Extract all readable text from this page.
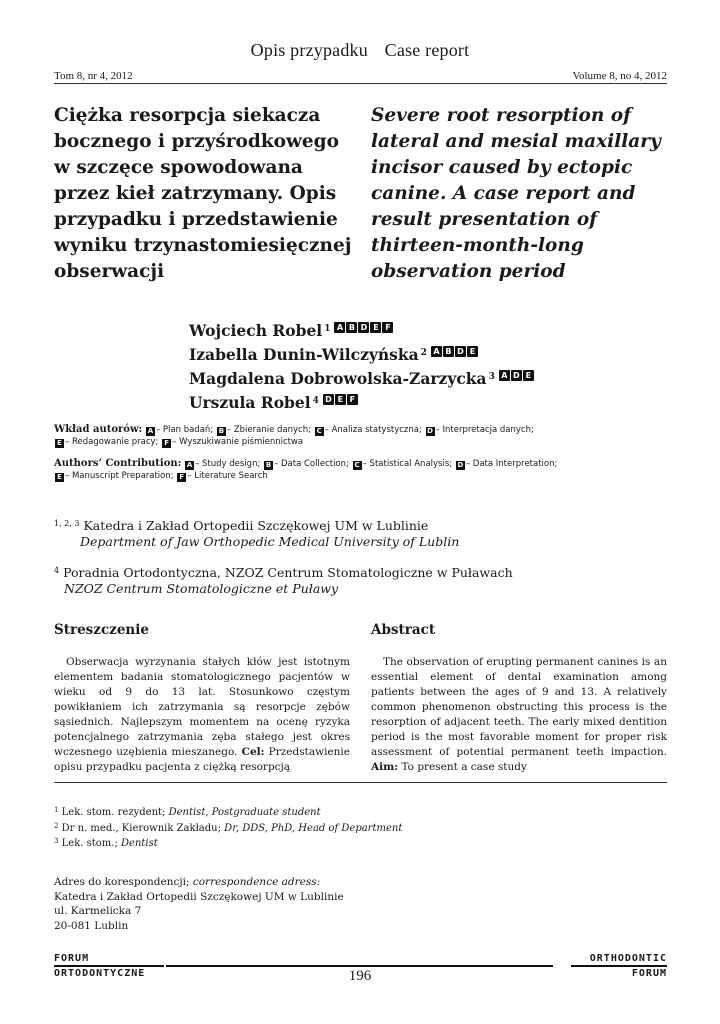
Opis przypadku Case report
Tom 8, nr 4, 2012	Volume 8, no 4, 2012
Ciężka resorpcja siekacza bocznego i przyśrodkowego w szczęce spowodowana przez kieł zatrzymany. Opis przypadku i przedstawienie wyniku trzynastomiesięcznej obserwacji
Severe root resorption of lateral and mesial maxillary incisor caused by ectopic canine. A case report and result presentation of thirteen-month-long observation period
Wojciech Robel $^1$ A B D E F
Izabella Dunin-Wilczyńska $^2$ A B D E
Magdalena Dobrowolska-Zarzycka $^3$ A D E
Urszula Robel $^4$ D E F
Wkład autorów: A – Plan badań; B – Zbieranie danych; C – Analiza statystyczna; D – Interpretacja danych;
E – Redagowanie pracy; F – Wyszukiwanie piśmiennictwa
Authors’ Contribution: A – Study design; B – Data Collection; C – Statistical Analysis; D – Data Interpretation;
E – Manuscript Preparation; F – Literature Search
$^{1, 2, 3}$ Katedra i Zakład Ortopedii Szczękowej UM w Lublinie
Department of Jaw Orthopedic Medical University of Lublin
$^4$ Poradnia Ortodontyczna, NZOZ Centrum Stomatologiczne w Puławach
NZOZ Centrum Stomatologiczne et Puławy
Streszczenie	Abstract
Obserwacja wyrzynania stałych kłów jest istotnym elementem badania stomatologicznego pacjentów w wieku od 9 do 13 lat. Stosunkowo częstym powikłaniem ich zatrzymania są resorpcje zębów sąsiednich. Najlepszym momentem na ocenę ryzyka potencjalnego zatrzymania zęba stałego jest okres wczesnego uzębienia mieszanego. Cel: Przedstawienie opisu przypadku pacjenta z ciężką resorpcją
The observation of erupting permanent canines is an essential element of dental examination among patients between the ages of 9 and 13. A relatively common phenomenon obstructing this process is the resorption of adjacent teeth. The early mixed dentition period is the most favorable moment for proper risk assessment of potential permanent teeth impaction. Aim: To present a case study
$^1$ Lek. stom. rezydent; Dentist, Postgraduate student
$^2$ Dr n. med., Kierownik Zakładu; Dr, DDS, PhD, Head of Department
$^3$ Lek. stom.; Dentist
Adres do korespondencji; correspondence adress:
Katedra i Zakład Ortopedii Szczękowej UM w Lublinie
ul. Karmelicka 7
20-081 Lublin
FORUM
ORTODONTYCZNE
ORTHODONTIC
FORUM
196
